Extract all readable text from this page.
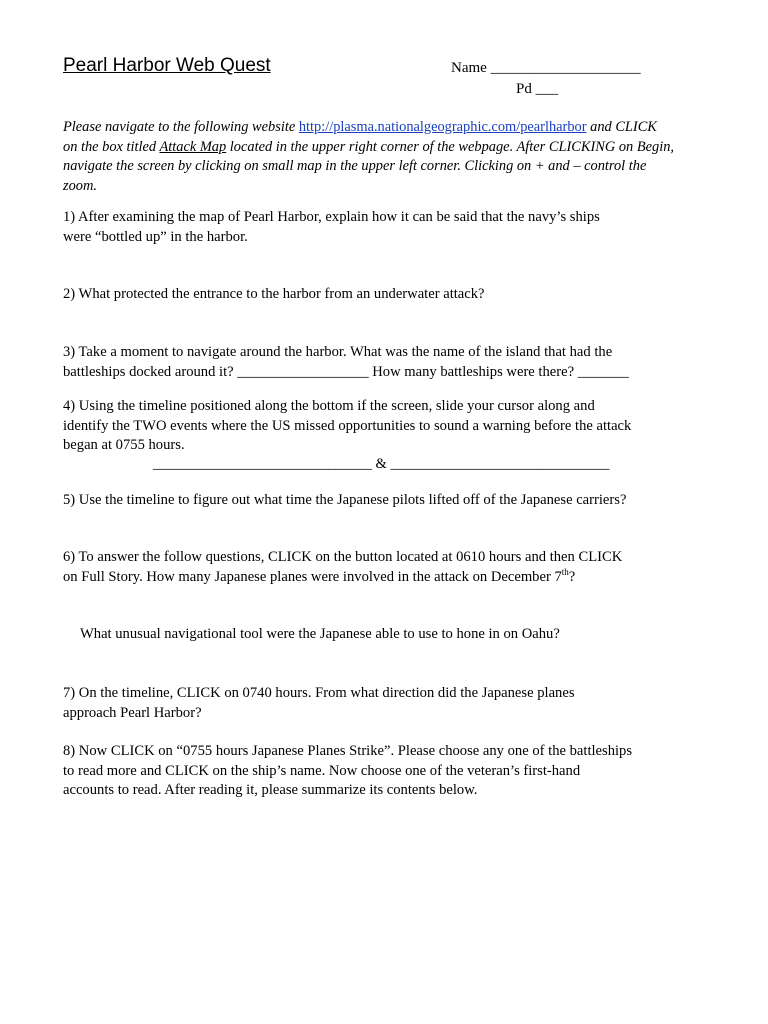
Pearl Harbor Web Quest	Name ____________________
Pd ___
Please navigate to the following website http://plasma.nationalgeographic.com/pearlharbor and CLICK
on the box titled Attack Map located in the upper right corner of the webpage. After CLICKING on Begin,
navigate the screen by clicking on small map in the upper left corner. Clicking on + and – control the
zoom.
1) After examining the map of Pearl Harbor, explain how it can be said that the navy’s ships
were “bottled up” in the harbor.
2) What protected the entrance to the harbor from an underwater attack?
3) Take a moment to navigate around the harbor. What was the name of the island that had the
battleships docked around it? __________________ How many battleships were there? _______
4) Using the timeline positioned along the bottom if the screen, slide your cursor along and
identify the TWO events where the US missed opportunities to sound a warning before the attack
began at 0755 hours.
______________________________ & ______________________________
5) Use the timeline to figure out what time the Japanese pilots lifted off of the Japanese carriers?
6) To answer the follow questions, CLICK on the button located at 0610 hours and then CLICK
on Full Story. How many Japanese planes were involved in the attack on December 7th?
What unusual navigational tool were the Japanese able to use to hone in on Oahu?
7) On the timeline, CLICK on 0740 hours. From what direction did the Japanese planes
approach Pearl Harbor?
8) Now CLICK on “0755 hours Japanese Planes Strike”. Please choose any one of the battleships
to read more and CLICK on the ship’s name. Now choose one of the veteran’s first-hand
accounts to read. After reading it, please summarize its contents below.
